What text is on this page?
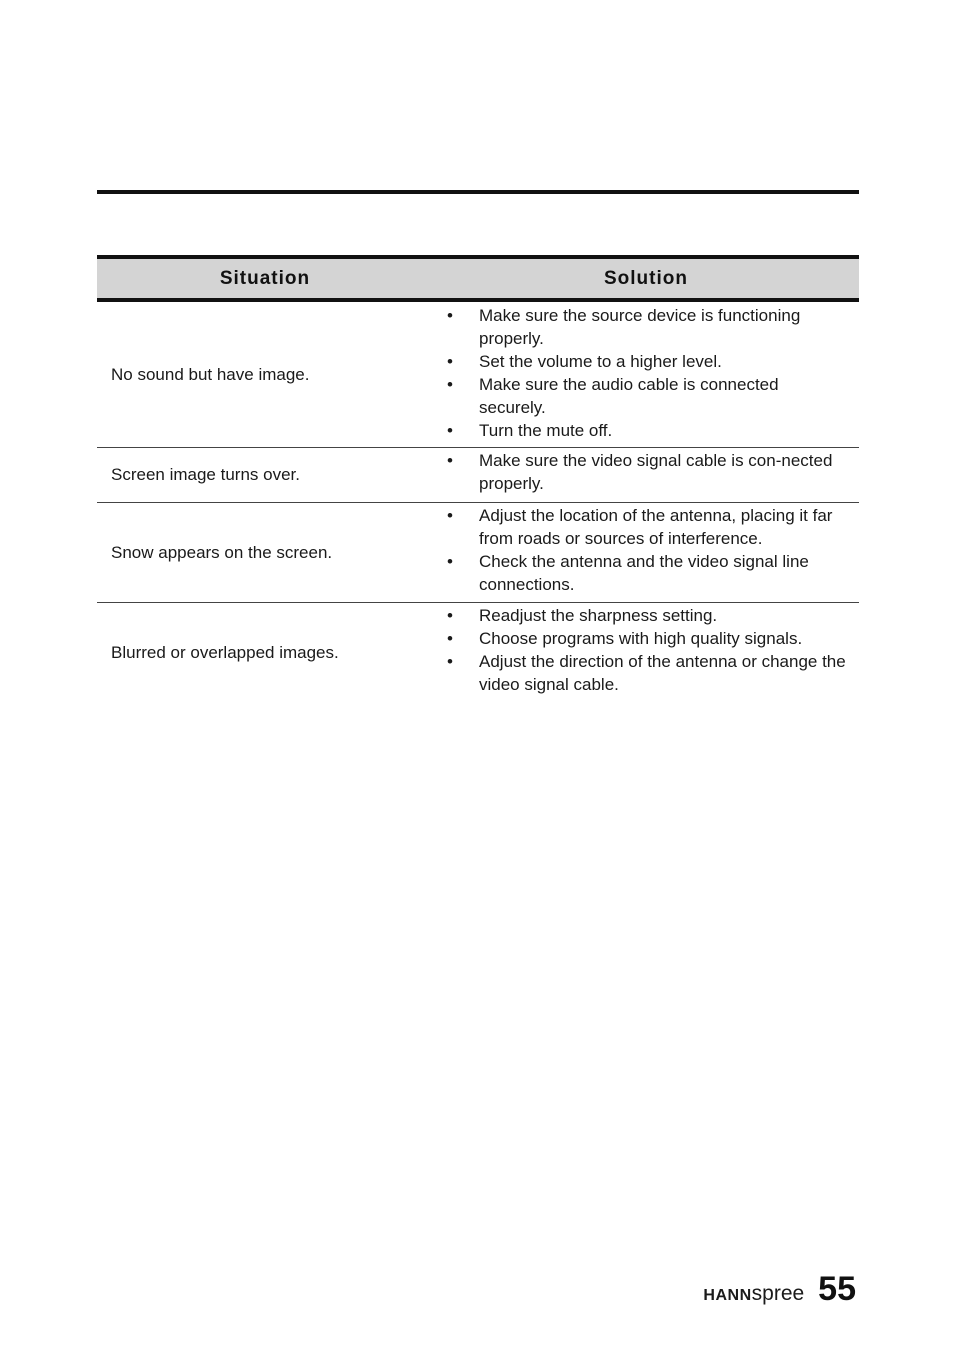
Situation	Solution
No sound but have image.
• Make sure the source device is functioning properly.
• Set the volume to a higher level.
• Make sure the audio cable is connected securely.
• Turn the mute off.
Screen image turns over.
• Make sure the video signal cable is con-nected properly.
Snow appears on the screen.
• Adjust the location of the antenna, placing it far from roads or sources of interference.
• Check the antenna and the video signal line connections.
Blurred or overlapped images.
• Readjust the sharpness setting.
• Choose programs with high quality signals.
• Adjust the direction of the antenna or change the video signal cable.
HANN spree 55
